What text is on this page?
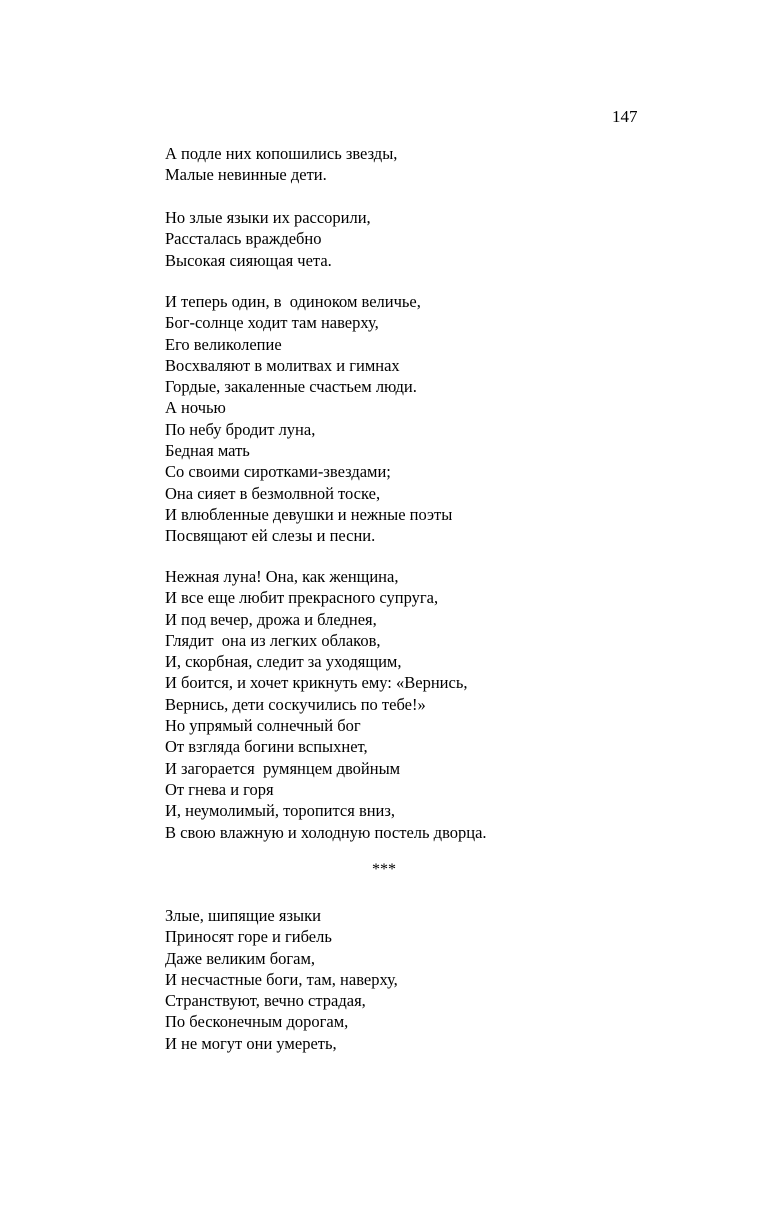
147
А подле них копошились звезды,
Малые невинные дети.
Но злые языки их рассорили,
Рассталась враждебно
Высокая сияющая чета.
И теперь один, в  одиноком величье,
Бог-солнце ходит там наверху,
Его великолепие
Восхваляют в молитвах и гимнах
Гордые, закаленные счастьем люди.
А ночью
По небу бродит луна,
Бедная мать
Со своими сиротками-звездами;
Она сияет в безмолвной тоске,
И влюбленные девушки и нежные поэты
Посвящают ей слезы и песни.
Нежная луна! Она, как женщина,
И все еще любит прекрасного супруга,
И под вечер, дрожа и бледнея,
Глядит  она из легких облаков,
И, скорбная, следит за уходящим,
И боится, и хочет крикнуть ему: «Вернись,
Вернись, дети соскучились по тебе!»
Но упрямый солнечный бог
От взгляда богини вспыхнет,
И загорается  румянцем двойным
От гнева и горя
И, неумолимый, торопится вниз,
В свою влажную и холодную постель дворца.
***
Злые, шипящие языки
Приносят горе и гибель
Даже великим богам,
И несчастные боги, там, наверху,
Странствуют, вечно страдая,
По бесконечным дорогам,
И не могут они умереть,
